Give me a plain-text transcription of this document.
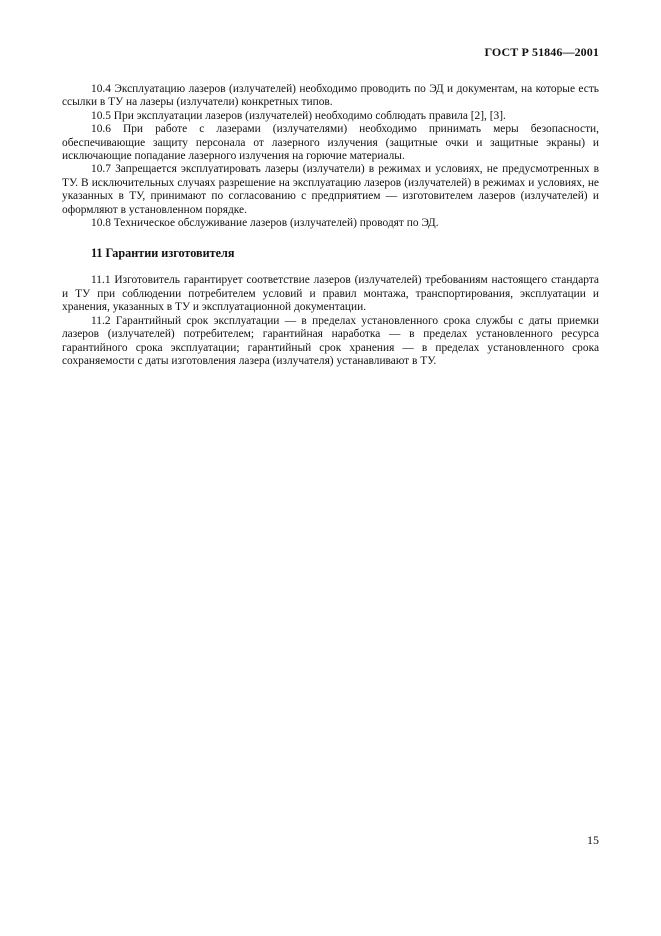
ГОСТ Р 51846—2001

10.4 Эксплуатацию лазеров (излучателей) необходимо проводить по ЭД и документам, на которые есть ссылки в ТУ на лазеры (излучатели) конкретных типов.

10.5 При эксплуатации лазеров (излучателей) необходимо соблюдать правила [2], [3].

10.6 При работе с лазерами (излучателями) необходимо принимать меры безопасности, обеспечивающие защиту персонала от лазерного излучения (защитные очки и защитные экраны) и исключающие попадание лазерного излучения на горючие материалы.

10.7 Запрещается эксплуатировать лазеры (излучатели) в режимах и условиях, не предусмотренных в ТУ. В исключительных случаях разрешение на эксплуатацию лазеров (излучателей) в режимах и условиях, не указанных в ТУ, принимают по согласованию с предприятием — изготовителем лазеров (излучателей) и оформляют в установленном порядке.

10.8 Техническое обслуживание лазеров (излучателей) проводят по ЭД.

11 Гарантии изготовителя

11.1 Изготовитель гарантирует соответствие лазеров (излучателей) требованиям настоящего стандарта и ТУ при соблюдении потребителем условий и правил монтажа, транспортирования, эксплуатации и хранения, указанных в ТУ и эксплуатационной документации.

11.2 Гарантийный срок эксплуатации — в пределах установленного срока службы с даты приемки лазеров (излучателей) потребителем; гарантийная наработка — в пределах установленного ресурса гарантийного срока эксплуатации; гарантийный срок хранения — в пределах установленного срока сохраняемости с даты изготовления лазера (излучателя) устанавливают в ТУ.

15
